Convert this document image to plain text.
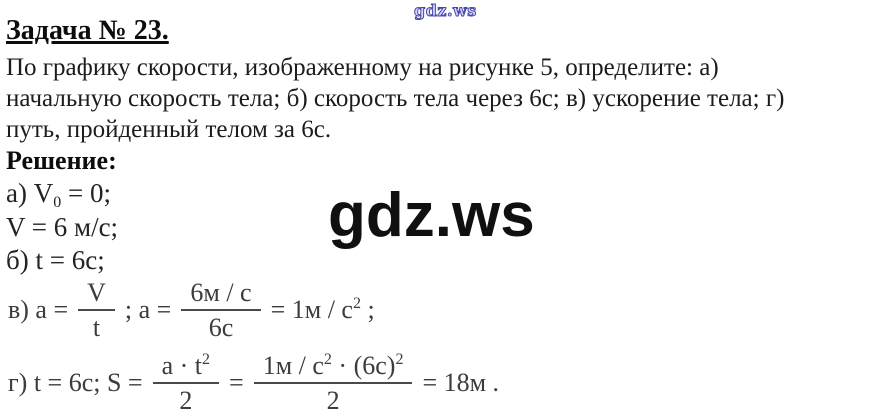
gdz.ws
Задача № 23.
По графику скорости, изображенному на рисунке 5, определите: а)
начальную скорость тела; б) скорость тела через 6с; в) ускорение тела; г)
путь, пройденный телом за 6с.
Решение:
а) $V_0 = 0$;
V = 6 м/с;
б) t = 6с;
в) $a = \frac{V}{t}$ ; $a = \frac{6м / с}{6с} = 1м / с^2$ ;
г) t = 6с; $S = \frac{a \cdot t^2}{2} = \frac{1м / с^2 \cdot (6с)^2}{2} = 18м$ .
gdz.ws
